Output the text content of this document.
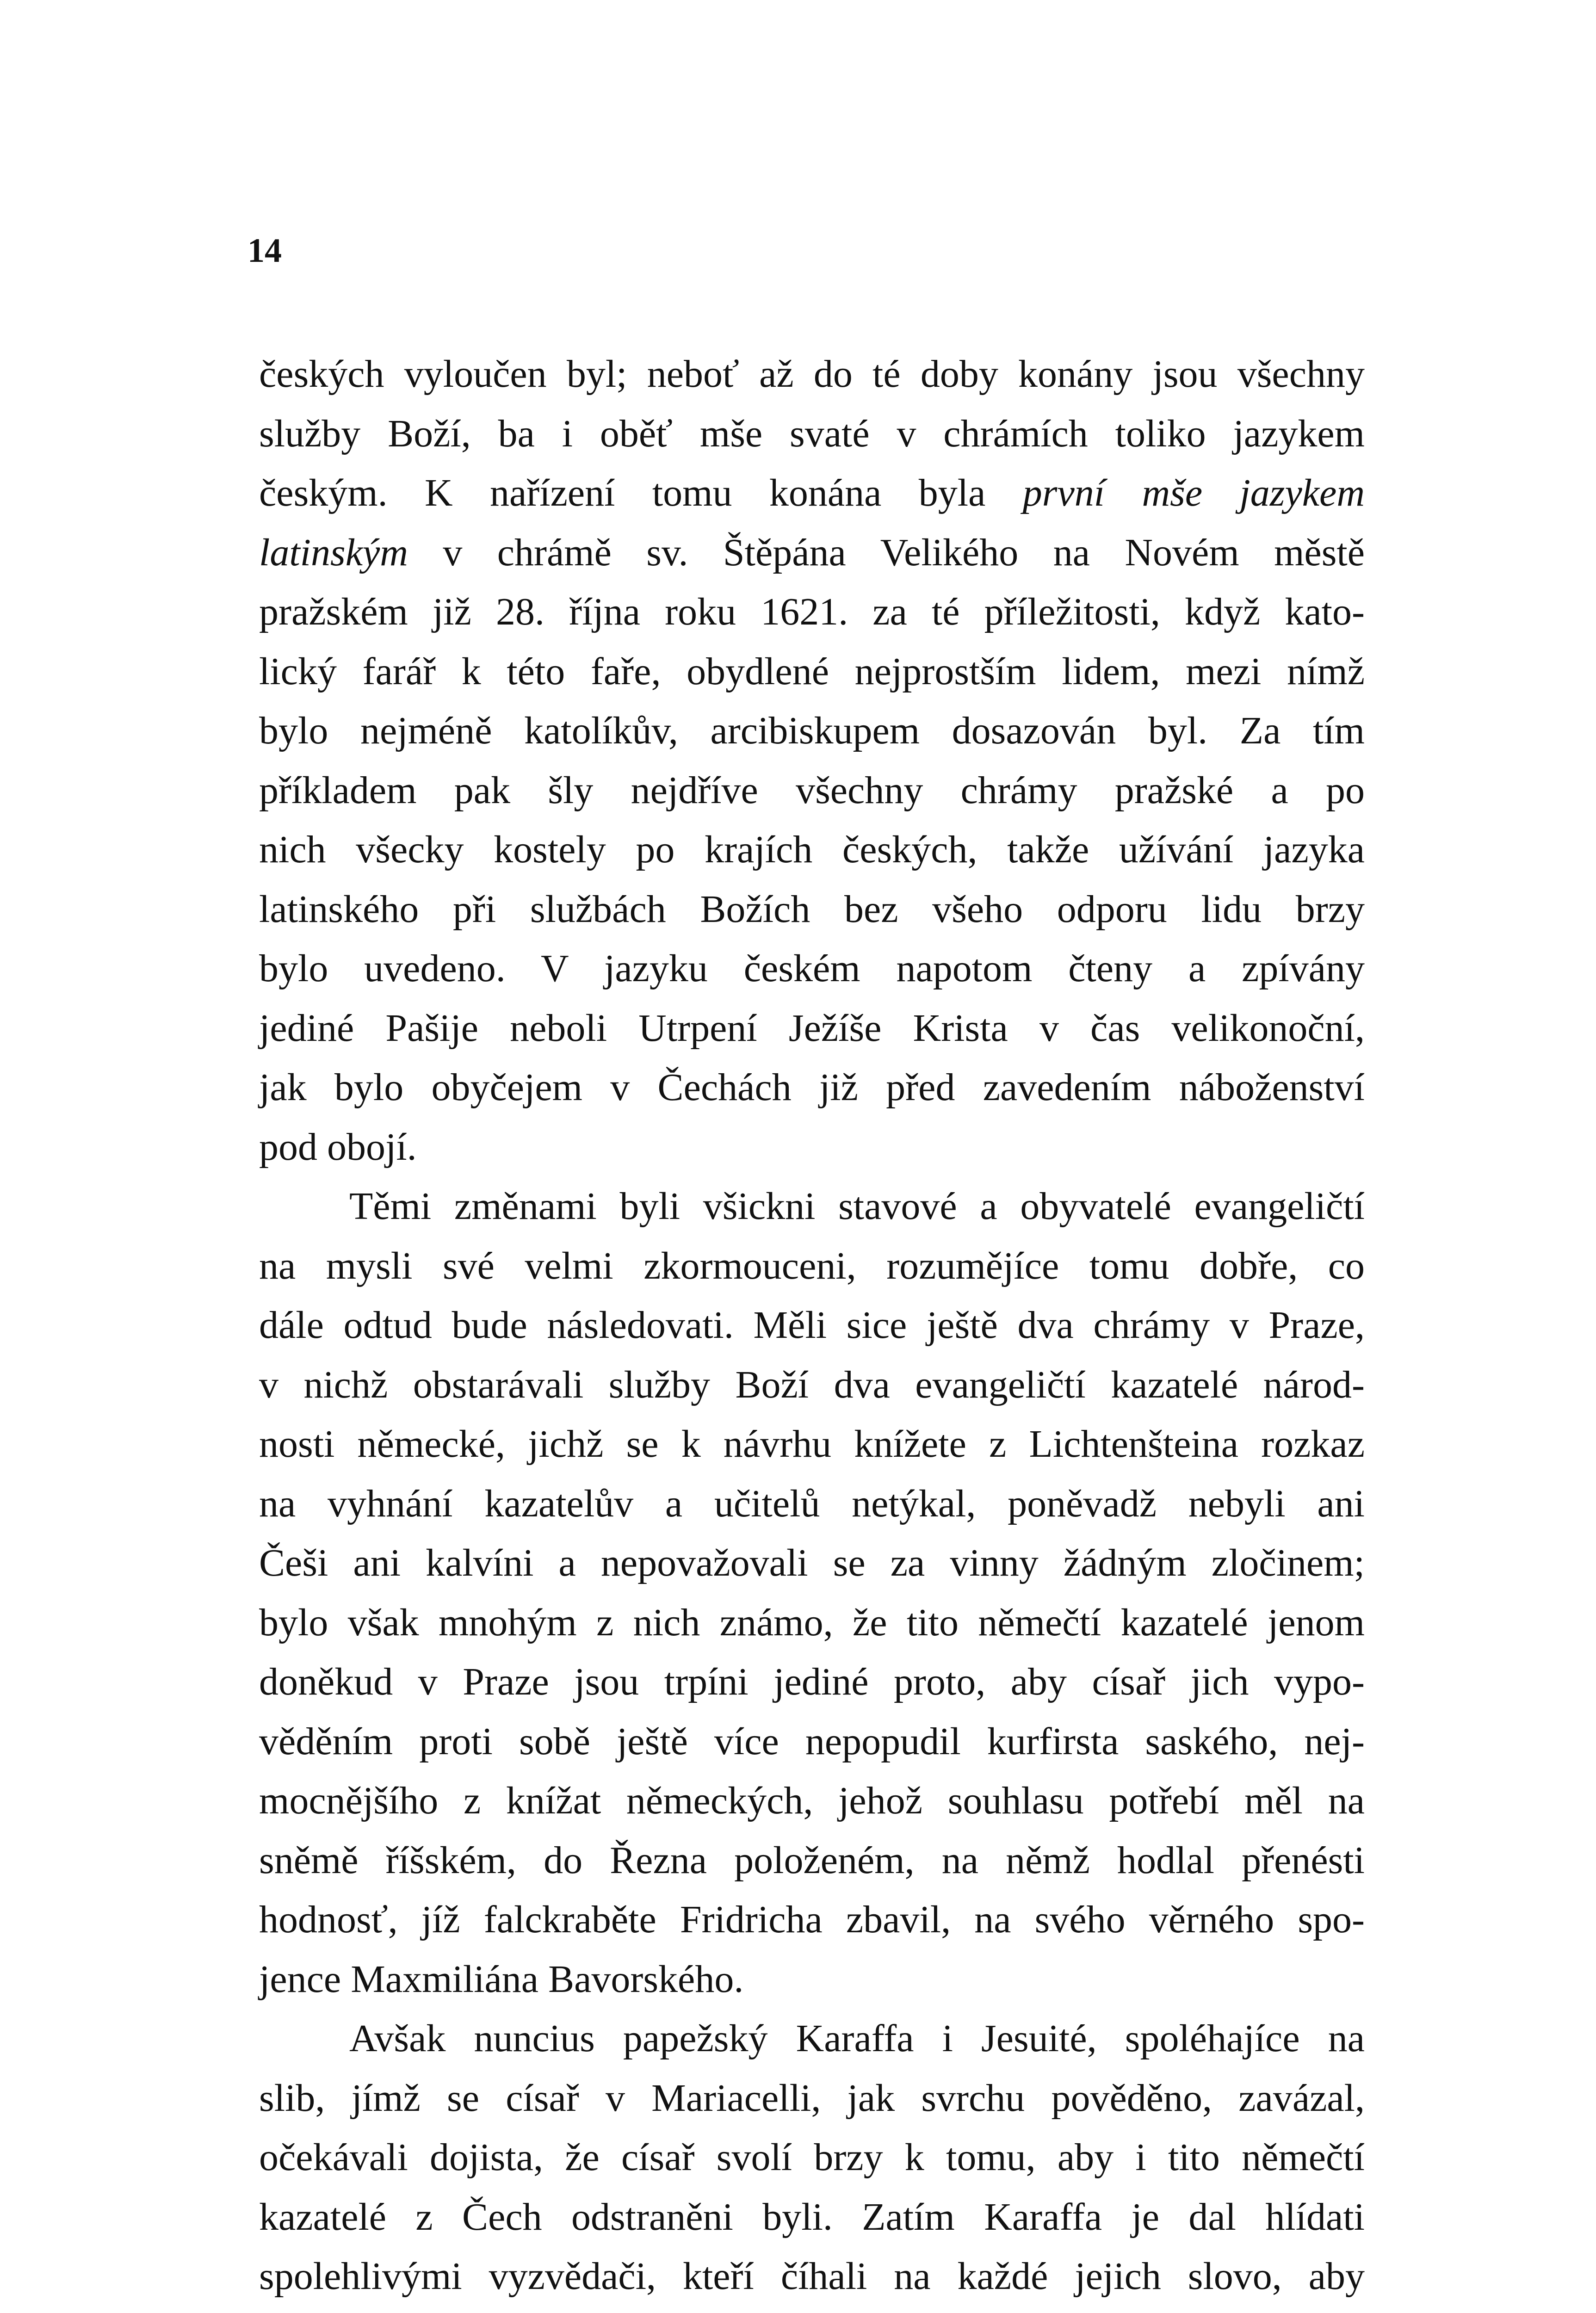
14
českých vyloučen byl; neboť až do té doby konány jsou všechny
služby Boží, ba i oběť mše svaté v chrámích toliko jazykem
českým. K nařízení tomu konána byla první mše jazykem
latinským v chrámě sv. Štěpána Velikého na Novém městě
pražském již 28. října roku 1621. za té příležitosti, když kato-
lický farář k této faře, obydlené nejprostším lidem, mezi nímž
bylo nejméně katolíkův, arcibiskupem dosazován byl. Za tím
příkladem pak šly nejdříve všechny chrámy pražské a po
nich všecky kostely po krajích českých, takže užívání jazyka
latinského při službách Božích bez všeho odporu lidu brzy
bylo uvedeno. V jazyku českém napotom čteny a zpívány
jediné Pašije neboli Utrpení Ježíše Krista v čas velikonoční,
jak bylo obyčejem v Čechách již před zavedením náboženství
pod obojí.
Těmi změnami byli všickni stavové a obyvatelé evangeličtí
na mysli své velmi zkormouceni, rozumějíce tomu dobře, co
dále odtud bude následovati. Měli sice ještě dva chrámy v Praze,
v nichž obstarávali služby Boží dva evangeličtí kazatelé národ-
nosti německé, jichž se k návrhu knížete z Lichtenšteina rozkaz
na vyhnání kazatelův a učitelů netýkal, poněvadž nebyli ani
Češi ani kalvíni a nepovažovali se za vinny žádným zločinem;
bylo však mnohým z nich známo, že tito němečtí kazatelé jenom
doněkud v Praze jsou trpíni jediné proto, aby císař jich vypo-
věděním proti sobě ještě více nepopudil kurfirsta saského, nej-
mocnějšího z knížat německých, jehož souhlasu potřebí měl na
sněmě říšském, do Řezna položeném, na němž hodlal přenésti
hodnosť, jíž falckraběte Fridricha zbavil, na svého věrného spo-
jence Maxmiliána Bavorského.
Avšak nuncius papežský Karaffa i Jesuité, spoléhajíce na
slib, jímž se císař v Mariacelli, jak svrchu pověděno, zavázal,
očekávali dojista, že císař svolí brzy k tomu, aby i tito němečtí
kazatelé z Čech odstraněni byli. Zatím Karaffa je dal hlídati
spolehlivými vyzvědači, kteří číhali na každé jejich slovo, aby
